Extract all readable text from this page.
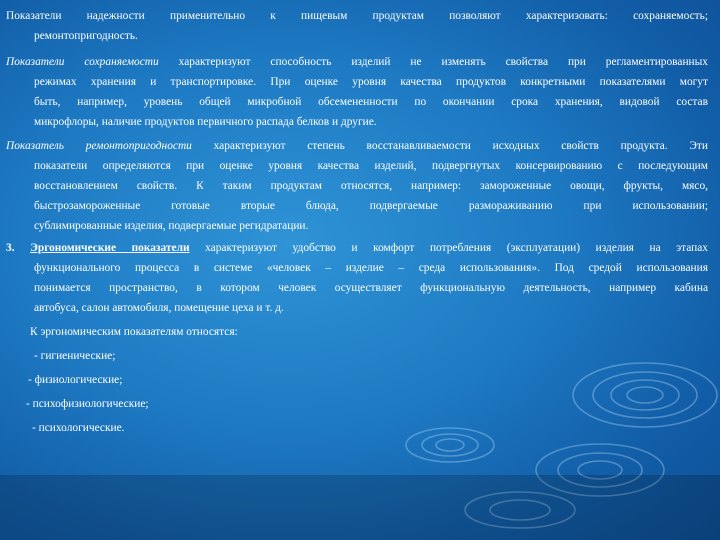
Показатели надежности применительно к пищевым продуктам позволяют характеризовать: сохраняемость;
ремонтопригодность.
Показатели сохраняемости характеризуют способность изделий не изменять свойства при регламентированных
режимах хранения и транспортировке. При оценке уровня качества продуктов конкретными показателями могут
быть, например, уровень общей микробной обсемененности по окончании срока хранения, видовой состав
микрофлоры, наличие продуктов первичного распада белков и другие.
Показатель ремонтопригодности характеризуют степень восстанавливаемости исходных свойств продукта. Эти
показатели определяются при оценке уровня качества изделий, подвергнутых консервированию с последующим
восстановлением свойств. К таким продуктам относятся, например: замороженные овощи, фрукты, мясо,
быстрозамороженные готовые вторые блюда, подвергаемые размораживанию при использовании;
сублимированные изделия, подвергаемые регидратации.
3. Эргономические показатели характеризуют удобство и комфорт потребления (эксплуатации) изделия на этапах
функционального процесса в системе «человек – изделие – среда использования». Под средой использования
понимается пространство, в котором человек осуществляет функциональную деятельность, например кабина
автобуса, салон автомобиля, помещение цеха и т. д.
К эргономическим показателям относятся:
- гигиенические;
- физиологические;
- психофизиологические;
- психологические.
